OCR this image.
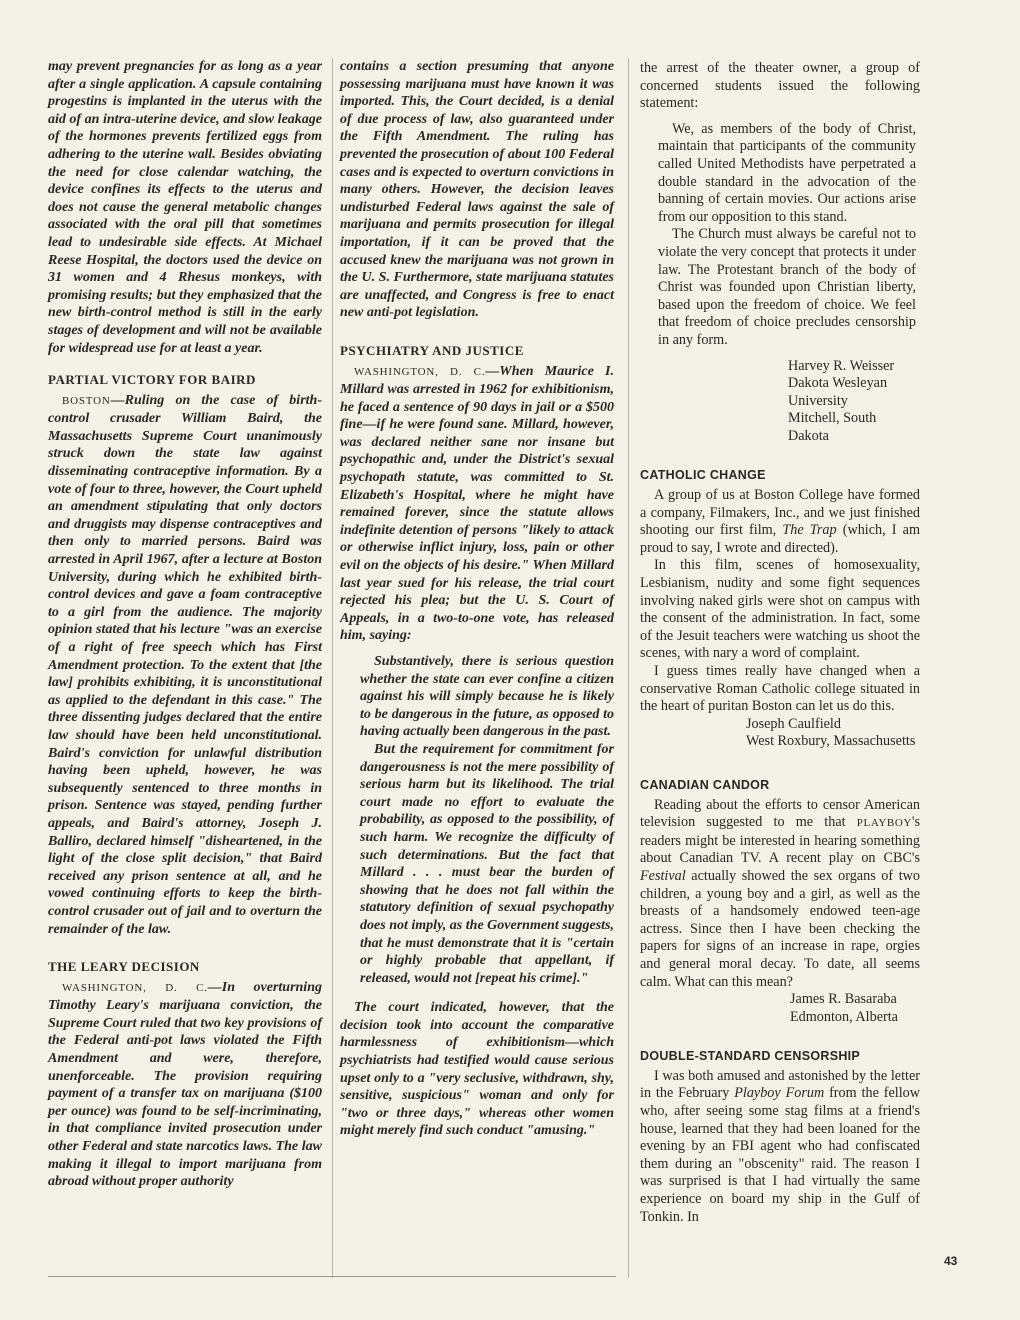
may prevent pregnancies for as long as a year after a single application. A capsule containing progestins is implanted in the uterus with the aid of an intra-uterine device, and slow leakage of the hormones prevents fertilized eggs from adhering to the uterine wall. Besides obviating the need for close calendar watching, the device confines its effects to the uterus and does not cause the general metabolic changes associated with the oral pill that sometimes lead to undesirable side effects. At Michael Reese Hospital, the doctors used the device on 31 women and 4 Rhesus monkeys, with promising results; but they emphasized that the new birth-control method is still in the early stages of development and will not be available for widespread use for at least a year.

PARTIAL VICTORY FOR BAIRD

BOSTON—Ruling on the case of birth-control crusader William Baird, the Massachusetts Supreme Court unanimously struck down the state law against disseminating contraceptive information. By a vote of four to three, however, the Court upheld an amendment stipulating that only doctors and druggists may dispense contraceptives and then only to married persons. Baird was arrested in April 1967, after a lecture at Boston University, during which he exhibited birth-control devices and gave a foam contraceptive to a girl from the audience. The majority opinion stated that his lecture "was an exercise of a right of free speech which has First Amendment protection. To the extent that [the law] prohibits exhibiting, it is unconstitutional as applied to the defendant in this case." The three dissenting judges declared that the entire law should have been held unconstitutional. Baird's conviction for unlawful distribution having been upheld, however, he was subsequently sentenced to three months in prison. Sentence was stayed, pending further appeals, and Baird's attorney, Joseph J. Balliro, declared himself "disheartened, in the light of the close split decision," that Baird received any prison sentence at all, and he vowed continuing efforts to keep the birth-control crusader out of jail and to overturn the remainder of the law.

THE LEARY DECISION

WASHINGTON, D. C.—In overturning Timothy Leary's marijuana conviction, the Supreme Court ruled that two key provisions of the Federal anti-pot laws violated the Fifth Amendment and were, therefore, unenforceable. The provision requiring payment of a transfer tax on marijuana ($100 per ounce) was found to be self-incriminating, in that compliance invited prosecution under other Federal and state narcotics laws. The law making it illegal to import marijuana from abroad without proper authority

contains a section presuming that anyone possessing marijuana must have known it was imported. This, the Court decided, is a denial of due process of law, also guaranteed under the Fifth Amendment. The ruling has prevented the prosecution of about 100 Federal cases and is expected to overturn convictions in many others. However, the decision leaves undisturbed Federal laws against the sale of marijuana and permits prosecution for illegal importation, if it can be proved that the accused knew the marijuana was not grown in the U. S. Furthermore, state marijuana statutes are unaffected, and Congress is free to enact new anti-pot legislation.

PSYCHIATRY AND JUSTICE

WASHINGTON, D. C.—When Maurice I. Millard was arrested in 1962 for exhibitionism, he faced a sentence of 90 days in jail or a $500 fine—if he were found sane. Millard, however, was declared neither sane nor insane but psychopathic and, under the District's sexual psychopath statute, was committed to St. Elizabeth's Hospital, where he might have remained forever, since the statute allows indefinite detention of persons "likely to attack or otherwise inflict injury, loss, pain or other evil on the objects of his desire." When Millard last year sued for his release, the trial court rejected his plea; but the U. S. Court of Appeals, in a two-to-one vote, has released him, saying:

Substantively, there is serious question whether the state can ever confine a citizen against his will simply because he is likely to be dangerous in the future, as opposed to having actually been dangerous in the past.

But the requirement for commitment for dangerousness is not the mere possibility of serious harm but its likelihood. The trial court made no effort to evaluate the probability, as opposed to the possibility, of such harm. We recognize the difficulty of such determinations. But the fact that Millard . . . must bear the burden of showing that he does not fall within the statutory definition of sexual psychopathy does not imply, as the Government suggests, that he must demonstrate that it is "certain or highly probable that appellant, if released, would not [repeat his crime]."

The court indicated, however, that the decision took into account the comparative harmlessness of exhibitionism—which psychiatrists had testified would cause serious upset only to a "very seclusive, withdrawn, shy, sensitive, suspicious" woman and only for "two or three days," whereas other women might merely find such conduct "amusing."

the arrest of the theater owner, a group of concerned students issued the following statement:

We, as members of the body of Christ, maintain that participants of the community called United Methodists have perpetrated a double standard in the advocation of the banning of certain movies. Our actions arise from our opposition to this stand.

The Church must always be careful not to violate the very concept that protects it under law. The Protestant branch of the body of Christ was founded upon Christian liberty, based upon the freedom of choice. We feel that freedom of choice precludes censorship in any form.

Harvey R. Weisser

Dakota Wesleyan University

Mitchell, South Dakota

CATHOLIC CHANGE

A group of us at Boston College have formed a company, Filmakers, Inc., and we just finished shooting our first film, The Trap (which, I am proud to say, I wrote and directed).

In this film, scenes of homosexuality, Lesbianism, nudity and some fight sequences involving naked girls were shot on campus with the consent of the administration. In fact, some of the Jesuit teachers were watching us shoot the scenes, with nary a word of complaint.

I guess times really have changed when a conservative Roman Catholic college situated in the heart of puritan Boston can let us do this.

Joseph Caulfield

West Roxbury, Massachusetts

CANADIAN CANDOR

Reading about the efforts to censor American television suggested to me that PLAYBOY's readers might be interested in hearing something about Canadian TV. A recent play on CBC's Festival actually showed the sex organs of two children, a young boy and a girl, as well as the breasts of a handsomely endowed teen-age actress. Since then I have been checking the papers for signs of an increase in rape, orgies and general moral decay. To date, all seems calm. What can this mean?

James R. Basaraba

Edmonton, Alberta

DOUBLE-STANDARD CENSORSHIP

I was both amused and astonished by the letter in the February Playboy Forum from the fellow who, after seeing some stag films at a friend's house, learned that they had been loaned for the evening by an FBI agent who had confiscated them during an "obscenity" raid. The reason I was surprised is that I had virtually the same experience on board my ship in the Gulf of Tonkin. In

43
